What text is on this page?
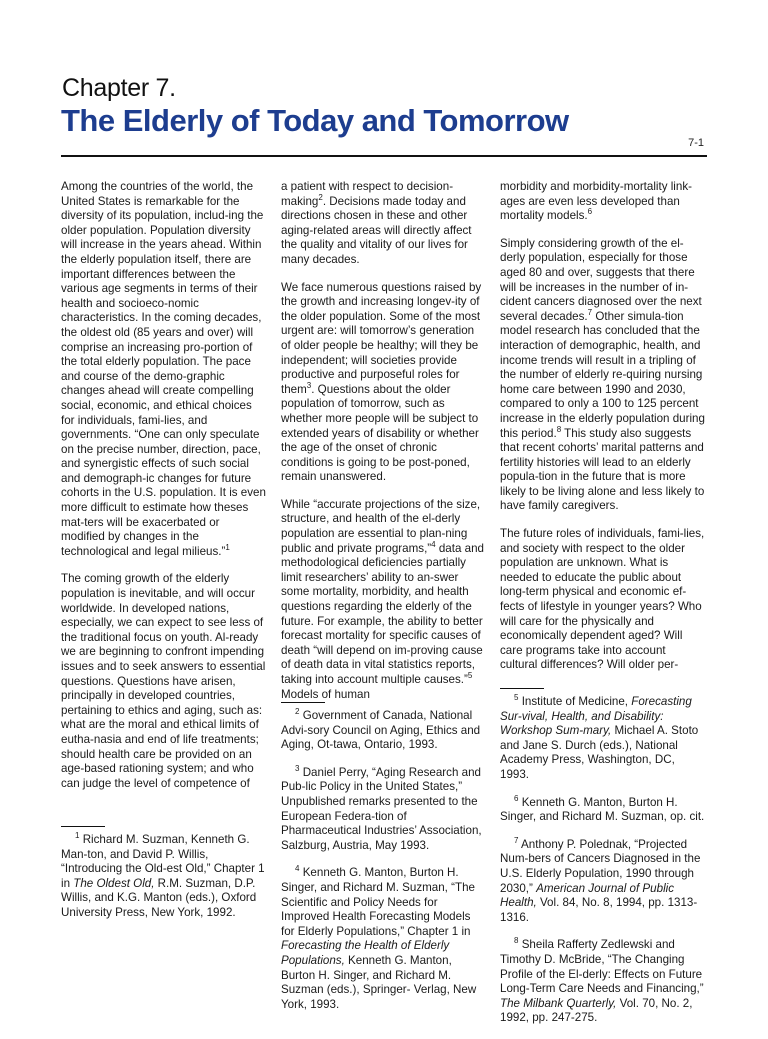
Chapter 7.
The Elderly of Today and Tomorrow
7-1

Among the countries of the world, the United States is remarkable for the diversity of its population, includ-ing the older population. Population diversity will increase in the years ahead. Within the elderly population itself, there are important differences between the various age segments in terms of their health and socioeco-nomic characteristics. In the coming decades, the oldest old (85 years and over) will comprise an increasing pro-portion of the total elderly population. The pace and course of the demo-graphic changes ahead will create compelling social, economic, and ethical choices for individuals, fami-lies, and governments. “One can only speculate on the precise number, direction, pace, and synergistic effects of such social and demograph-ic changes for future cohorts in the U.S. population. It is even more difficult to estimate how theses mat-ters will be exacerbated or modified by changes in the technological and legal milieus.”$^1$

The coming growth of the elderly population is inevitable, and will occur worldwide. In developed nations, especially, we can expect to see less of the traditional focus on youth. Al-ready we are beginning to confront impending issues and to seek answers to essential questions. Questions have arisen, principally in developed countries, pertaining to ethics and aging, such as: what are the moral and ethical limits of eutha-nasia and end of life treatments; should health care be provided on an age-based rationing system; and who can judge the level of competence of

$^1$ Richard M. Suzman, Kenneth G. Man-ton, and David P. Willis, “Introducing the Old-est Old,” Chapter 1 in The Oldest Old, R.M. Suzman, D.P. Willis, and K.G. Manton (eds.), Oxford University Press, New York, 1992.

a patient with respect to decision-making$^2$. Decisions made today and directions chosen in these and other aging-related areas will directly affect the quality and vitality of our lives for many decades.

We face numerous questions raised by the growth and increasing longev-ity of the older population. Some of the most urgent are: will tomorrow’s generation of older people be healthy; will they be independent; will societies provide productive and purposeful roles for them$^3$. Questions about the older population of tomorrow, such as whether more people will be subject to extended years of disability or whether the age of the onset of chronic conditions is going to be post-poned, remain unanswered.

While “accurate projections of the size, structure, and health of the el-derly population are essential to plan-ning public and private programs,”$^4$ data and methodological deficiencies partially limit researchers’ ability to an-swer some mortality, morbidity, and health questions regarding the elderly of the future. For example, the ability to better forecast mortality for specific causes of death “will depend on im-proving cause of death data in vital statistics reports, taking into account multiple causes.”$^5$ Models of human

$^2$ Government of Canada, National Advi-sory Council on Aging, Ethics and Aging, Ot-tawa, Ontario, 1993.

$^3$ Daniel Perry, “Aging Research and Pub-lic Policy in the United States,” Unpublished remarks presented to the European Federa-tion of Pharmaceutical Industries’ Association, Salzburg, Austria, May 1993.

$^4$ Kenneth G. Manton, Burton H. Singer, and Richard M. Suzman, “The Scientific and Policy Needs for Improved Health Forecasting Models for Elderly Populations,” Chapter 1 in Forecasting the Health of Elderly Populations, Kenneth G. Manton, Burton H. Singer, and Richard M. Suzman (eds.), Springer- Verlag, New York, 1993.

morbidity and morbidity-mortality link-ages are even less developed than mortality models.$^6$

Simply considering growth of the el-derly population, especially for those aged 80 and over, suggests that there will be increases in the number of in-cident cancers diagnosed over the next several decades.$^7$ Other simula-tion model research has concluded that the interaction of demographic, health, and income trends will result in a tripling of the number of elderly re-quiring nursing home care between 1990 and 2030, compared to only a 100 to 125 percent increase in the elderly population during this period.$^8$ This study also suggests that recent cohorts’ marital patterns and fertility histories will lead to an elderly popula-tion in the future that is more likely to be living alone and less likely to have family caregivers.

The future roles of individuals, fami-lies, and society with respect to the older population are unknown. What is needed to educate the public about long-term physical and economic ef-fects of lifestyle in younger years? Who will care for the physically and economically dependent aged? Will care programs take into account cultural differences? Will older per-

$^5$ Institute of Medicine, Forecasting Sur-vival, Health, and Disability: Workshop Sum-mary, Michael A. Stoto and Jane S. Durch (eds.), National Academy Press, Washington, DC, 1993.

$^6$ Kenneth G. Manton, Burton H. Singer, and Richard M. Suzman, op. cit.

$^7$ Anthony P. Polednak, “Projected Num-bers of Cancers Diagnosed in the U.S. Elderly Population, 1990 through 2030,” American Journal of Public Health, Vol. 84, No. 8, 1994, pp. 1313-1316.

$^8$ Sheila Rafferty Zedlewski and Timothy D. McBride, “The Changing Profile of the El-derly: Effects on Future Long-Term Care Needs and Financing,” The Milbank Quarterly, Vol. 70, No. 2, 1992, pp. 247-275.
